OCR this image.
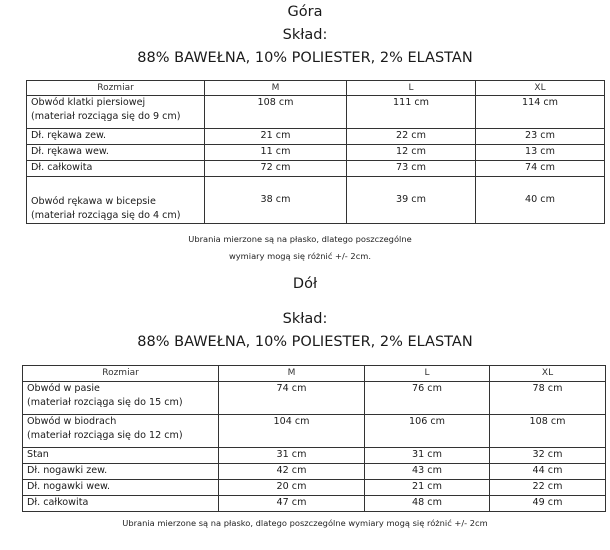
Góra
Skład:
88% BAWEŁNA, 10% POLIESTER, 2% ELASTAN
Rozmiar	M	L	XL

Obwód klatki piersiowej
(materiał rozciąga się do 9 cm)	108 cm	111 cm	114 cm
Dł. rękawa zew.	21 cm	22 cm	23 cm
Dł. rękawa wew.	11 cm	12 cm	13 cm
Dł. całkowita	72 cm	73 cm	74 cm

Obwód rękawa w bicepsie
(materiał rozciąga się do 4 cm)	38 cm	39 cm	40 cm
Ubrania mierzone są na płasko, dlatego poszczególne
wymiary mogą się różnić +/- 2cm.
Dół
Skład:
88% BAWEŁNA, 10% POLIESTER, 2% ELASTAN
Rozmiar	M	L	XL

Obwód w pasie
(materiał rozciąga się do 15 cm)	74 cm	76 cm	78 cm

Obwód w biodrach
(materiał rozciąga się do 12 cm)	104 cm	106 cm	108 cm
Stan	31 cm	31 cm	32 cm
Dł. nogawki zew.	42 cm	43 cm	44 cm
Dł. nogawki wew.	20 cm	21 cm	22 cm
Dł. całkowita	47 cm	48 cm	49 cm
Ubrania mierzone są na płasko, dlatego poszczególne wymiary mogą się różnić +/- 2cm
